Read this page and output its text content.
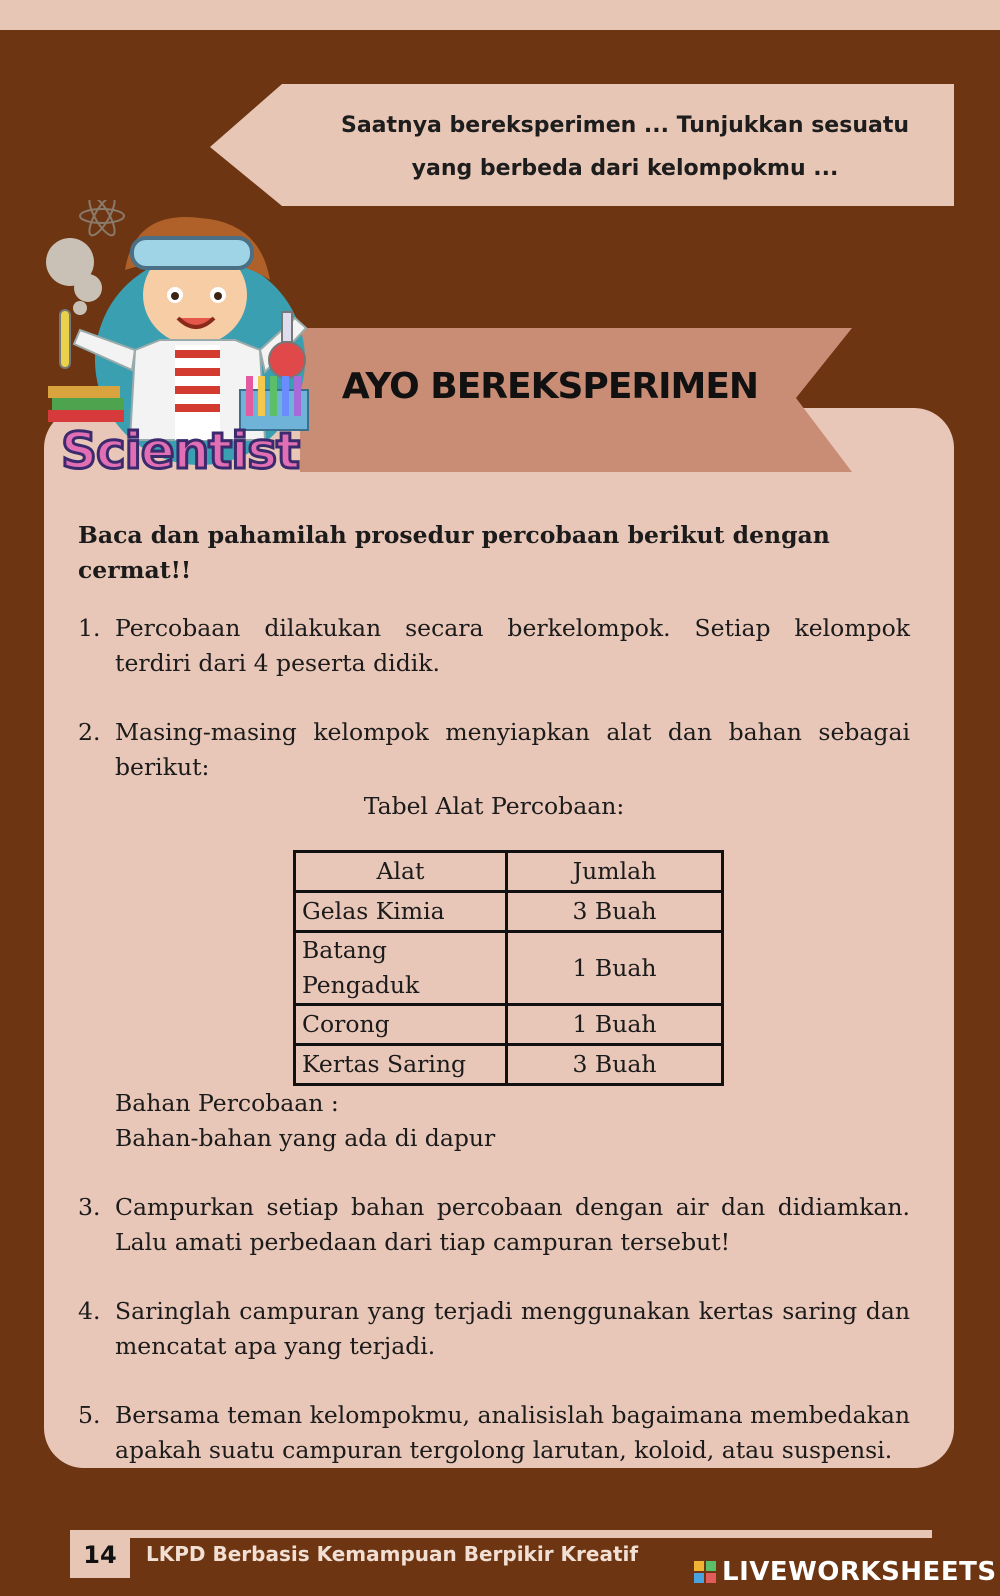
Saatnya bereksperimen ... Tunjukkan sesuatu
yang berbeda dari kelompokmu ...
AYO BEREKSPERIMEN
Scientist

Baca dan pahamilah prosedur percobaan berikut dengan cermat!!

1. Percobaan dilakukan secara berkelompok. Setiap kelompok terdiri dari 4 peserta didik.
2. Masing-masing kelompok menyiapkan alat dan bahan sebagai berikut:
Tabel Alat Percobaan:
Alat	Jumlah
Gelas Kimia	3 Buah
Batang Pengaduk	1 Buah
Corong	1 Buah
Kertas Saring	3 Buah
Bahan Percobaan :
Bahan-bahan yang ada di dapur
3. Campurkan setiap bahan percobaan dengan air dan didiamkan. Lalu amati perbedaan dari tiap campuran tersebut!
4. Saringlah campuran yang terjadi menggunakan kertas saring dan mencatat apa yang terjadi.
5. Bersama teman kelompokmu, analisislah bagaimana membedakan apakah suatu campuran tergolong larutan, koloid, atau suspensi.
14	LKPD Berbasis Kemampuan Berpikir Kreatif
LIVEWORKSHEETS
